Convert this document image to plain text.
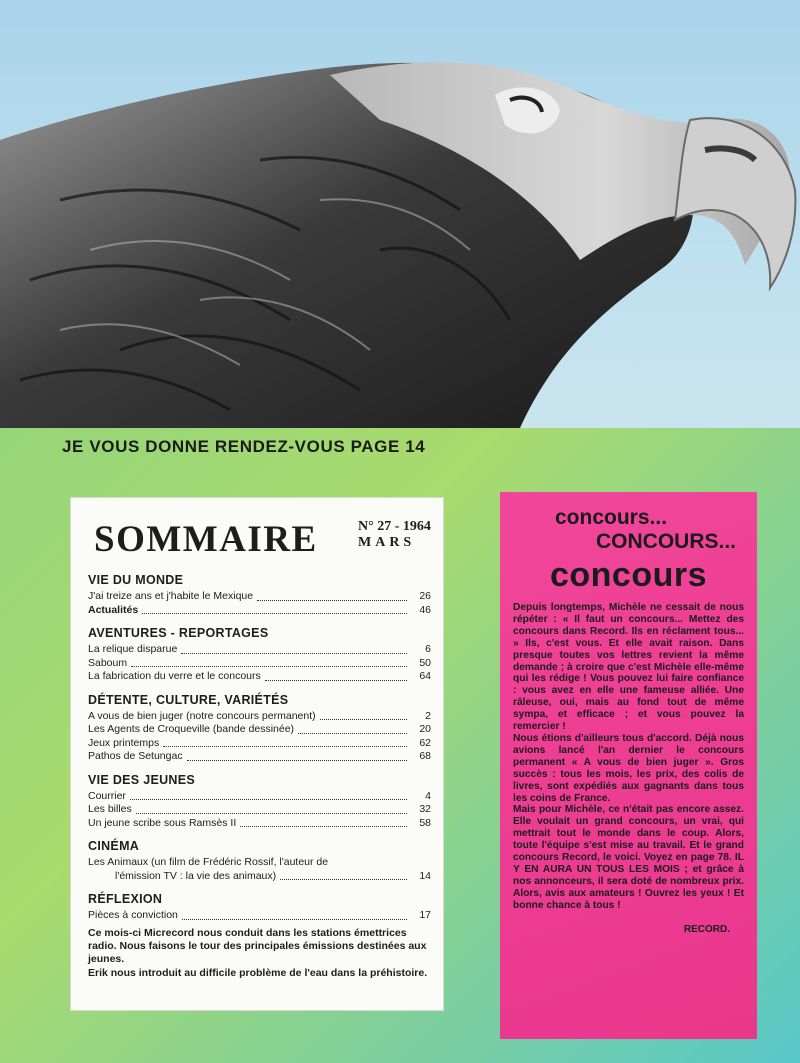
JE VOUS DONNE RENDEZ-VOUS PAGE 14
SOMMAIRE	N° 27 - 1964
MARS
VIE DU MONDE
J'ai treize ans et j'habite le Mexique	26
Actualités	46
AVENTURES - REPORTAGES
La relique disparue	6
Saboum	50
La fabrication du verre et le concours	64
DÉTENTE, CULTURE, VARIÉTÉS
A vous de bien juger (notre concours permanent)	2
Les Agents de Croqueville (bande dessinée)	20
Jeux printemps	62
Pathos de Setungac	68
VIE DES JEUNES
Courrier	4
Les billes	32
Un jeune scribe sous Ramsès II	58
CINÉMA
Les Animaux (un film de Frédéric Rossif, l'auteur de
l'émission TV : la vie des animaux)	14
RÉFLEXION
Pièces à conviction	17
Ce mois-ci Micrecord nous conduit dans les stations émettrices radio. Nous faisons le tour des principales émissions destinées aux jeunes.
Erik nous introduit au difficile problème de l'eau dans la préhistoire.
concours...
CONCOURS...
concours

Depuis longtemps, Michèle ne cessait de nous répéter : « Il faut un concours... Mettez des concours dans Record. Ils en réclament tous... » Ils, c'est vous. Et elle avait raison. Dans presque toutes vos lettres revient la même demande ; à croire que c'est Michèle elle-même qui les rédige ! Vous pouvez lui faire confiance : vous avez en elle une fameuse alliée. Une râleuse, oui, mais au fond tout de même sympa, et efficace ; et vous pouvez la remercier !

Nous étions d'ailleurs tous d'accord. Déjà nous avions lancé l'an dernier le concours permanent « A vous de bien juger ». Gros succès : tous les mois, les prix, des colis de livres, sont expédiés aux gagnants dans tous les coins de France.

Mais pour Michèle, ce n'était pas encore assez. Elle voulait un grand concours, un vrai, qui mettrait tout le monde dans le coup. Alors, toute l'équipe s'est mise au travail. Et le grand concours Record, le voici. Voyez en page 78. IL Y EN AURA UN TOUS LES MOIS ; et grâce à nos annonceurs, il sera doté de nombreux prix. Alors, avis aux amateurs ! Ouvrez les yeux ! Et bonne chance à tous !

RECORD.
